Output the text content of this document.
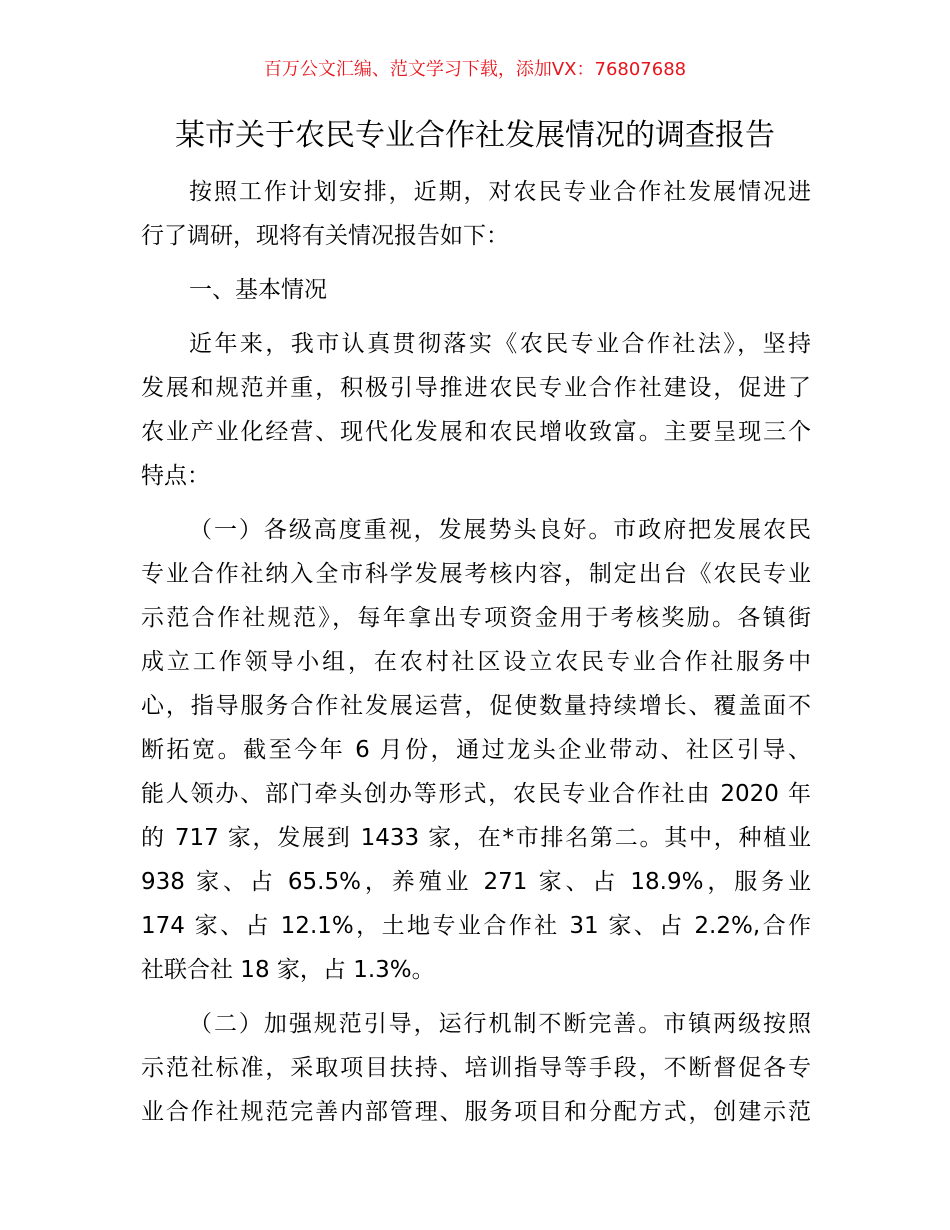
百万公文汇编、范文学习下载，添加VX：76807688
某市关于农民专业合作社发展情况的调查报告

按照工作计划安排，近期，对农民专业合作社发展情况进
行了调研，现将有关情况报告如下：

一、基本情况

近年来，我市认真贯彻落实《农民专业合作社法》，坚持
发展和规范并重，积极引导推进农民专业合作社建设，促进了
农业产业化经营、现代化发展和农民增收致富。主要呈现三个
特点：

（一）各级高度重视，发展势头良好。市政府把发展农民
专业合作社纳入全市科学发展考核内容，制定出台《农民专业
示范合作社规范》，每年拿出专项资金用于考核奖励。各镇街
成立工作领导小组，在农村社区设立农民专业合作社服务中
心，指导服务合作社发展运营，促使数量持续增长、覆盖面不
断拓宽。截至今年 6 月份，通过龙头企业带动、社区引导、
能人领办、部门牵头创办等形式，农民专业合作社由 2020 年
的 717 家，发展到 1433 家，在*市排名第二。其中，种植业
938 家、占 65.5%，养殖业 271 家、占 18.9%，服务业
174 家、占 12.1%，土地专业合作社 31 家、占 2.2%,合作
社联合社 18 家，占 1.3%。

（二）加强规范引导，运行机制不断完善。市镇两级按照
示范社标准，采取项目扶持、培训指导等手段，不断督促各专
业合作社规范完善内部管理、服务项目和分配方式，创建示范
